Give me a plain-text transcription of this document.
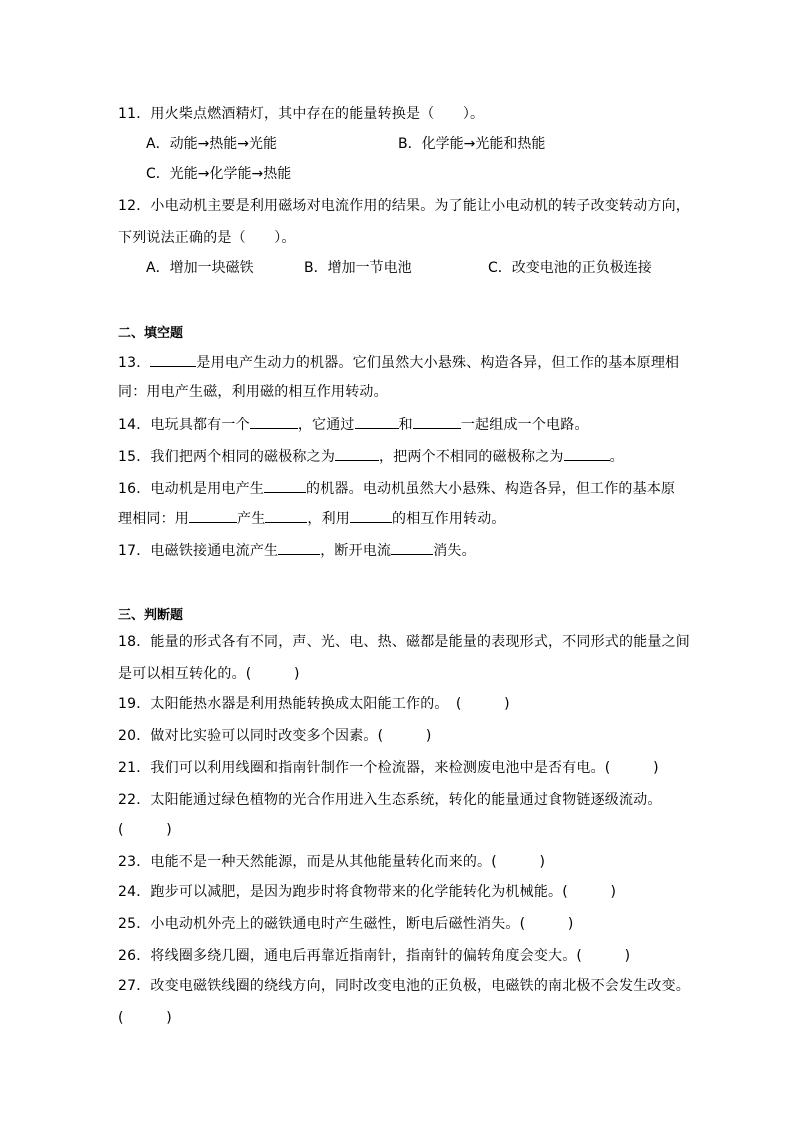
11．用火柴点燃酒精灯，其中存在的能量转换是（　　）。
A．动能→热能→光能	B．化学能→光能和热能
C．光能→化学能→热能
12．小电动机主要是利用磁场对电流作用的结果。为了能让小电动机的转子改变转动方向，
下列说法正确的是（　　）。
A．增加一块磁铁	B．增加一节电池	C．改变电池的正负极连接
二、填空题
13．	是用电产生动力的机器。它们虽然大小悬殊、构造各异，但工作的基本原理相
同：用电产生磁，利用磁的相互作用转动。
14．电玩具都有一个	，它通过	和	一起组成一个电路。
15．我们把两个相同的磁极称之为	，把两个不相同的磁极称之为	。
16．电动机是用电产生	的机器。电动机虽然大小悬殊、构造各异，但工作的基本原
理相同：用	产生	，利用	的相互作用转动。
17．电磁铁接通电流产生	，断开电流	消失。
三、判断题
18．能量的形式各有不同，声、光、电、热、磁都是能量的表现形式，不同形式的能量之间
是可以相互转化的。(　　　)
19．太阳能热水器是利用热能转换成太阳能工作的。　(　　　)
20．做对比实验可以同时改变多个因素。(　　　)
21．我们可以利用线圈和指南针制作一个检流器，来检测废电池中是否有电。(　　　)
22．太阳能通过绿色植物的光合作用进入生态系统，转化的能量通过食物链逐级流动。
(　　　)
23．电能不是一种天然能源，而是从其他能量转化而来的。(　　　)
24．跑步可以减肥，是因为跑步时将食物带来的化学能转化为机械能。(　　　)
25．小电动机外壳上的磁铁通电时产生磁性，断电后磁性消失。(　　　)
26．将线圈多绕几圈，通电后再靠近指南针，指南针的偏转角度会变大。(　　　)
27．改变电磁铁线圈的绕线方向，同时改变电池的正负极，电磁铁的南北极不会发生改变。
(　　　)
